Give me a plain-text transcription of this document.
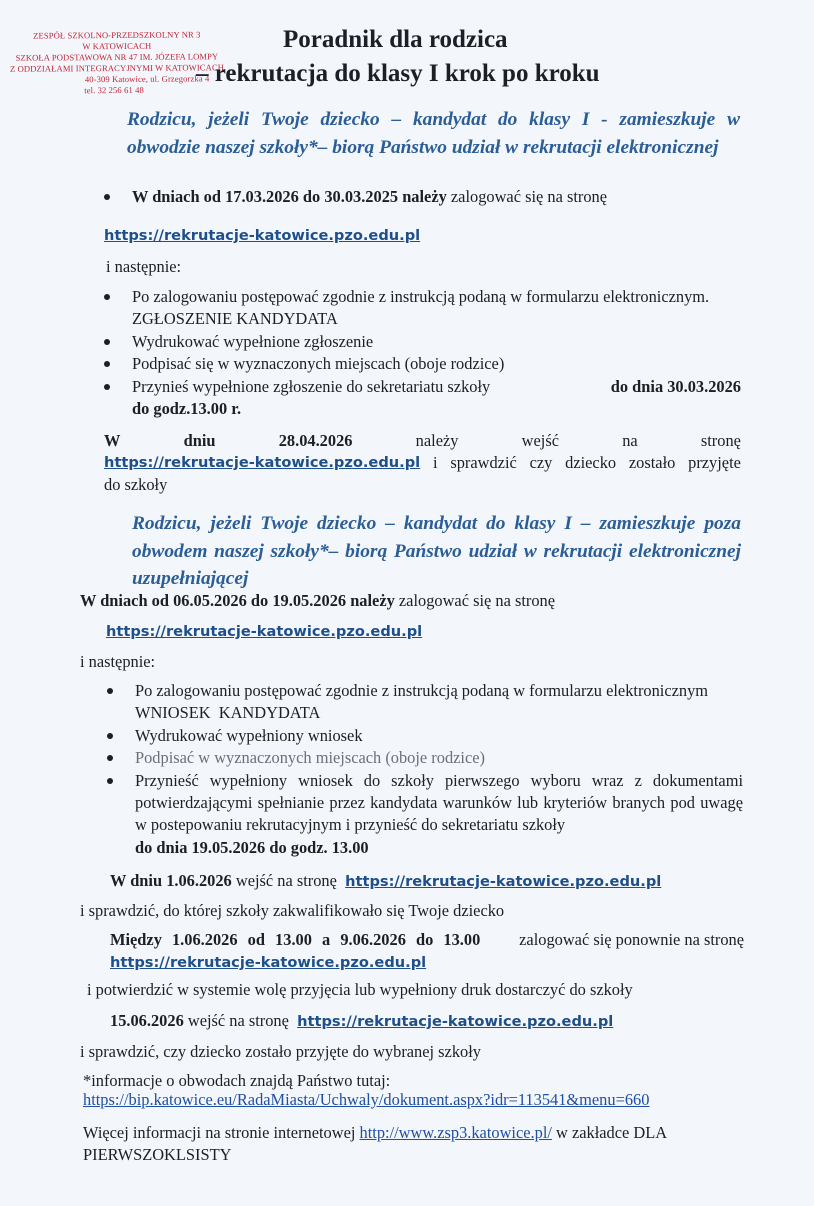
ZESPÓŁ SZKOLNO-PRZEDSZKOLNY NR 3
W KATOWICACH
SZKOŁA PODSTAWOWA NR 47 IM. JÓZEFA LOMPY
Z ODDZIAŁAMI INTEGRACYJNYMI W KATOWICACH
40-309 Katowice, ul. Grzegorzka 4
tel. 32 256 61 48
Poradnik dla rodzica
– rekrutacja do klasy I krok po kroku
Rodzicu, jeżeli Twoje dziecko – kandydat do klasy I - zamieszkuje w obwodzie naszej szkoły*– biorą Państwo udział w rekrutacji elektronicznej
W dniach od 17.03.2026 do 30.03.2025 należy zalogować się na stronę
https://rekrutacje-katowice.pzo.edu.pl
i następnie:
Po zalogowaniu postępować zgodnie z instrukcją podaną w formularzu elektronicznym.
ZGŁOSZENIE KANDYDATA
Wydrukować wypełnione zgłoszenie
Podpisać się w wyznaczonych miejscach (oboje rodzice)
Przynieś wypełnione zgłoszenie do sekretariatu szkoły	do dnia 30.03.2026
do godz.13.00 r.
W	dniu	28.04.2026	należy	wejść	na	stronę
https://rekrutacje-katowice.pzo.edu.pl i sprawdzić czy dziecko zostało przyjęte
do szkoły
Rodzicu, jeżeli Twoje dziecko – kandydat do klasy I – zamieszkuje poza obwodem naszej szkoły*– biorą Państwo udział w rekrutacji elektronicznej uzupełniającej
W dniach od 06.05.2026 do 19.05.2026 należy zalogować się na stronę
https://rekrutacje-katowice.pzo.edu.pl
i następnie:
Po zalogowaniu postępować zgodnie z instrukcją podaną w formularzu elektronicznym
WNIOSEK  KANDYDATA
Wydrukować wypełniony wniosek
Podpisać w wyznaczonych miejscach (oboje rodzice)
Przynieść wypełniony wniosek do szkoły pierwszego wyboru wraz z dokumentami potwierdzającymi spełnianie przez kandydata warunków lub kryteriów branych pod uwagę w postepowaniu rekrutacyjnym i przynieść do sekretariatu szkoły
do dnia 19.05.2026 do godz. 13.00
W dniu 1.06.2026 wejść na stronę https://rekrutacje-katowice.pzo.edu.pl
i sprawdzić, do której szkoły zakwalifikowało się Twoje dziecko
Między 1.06.2026 od 13.00 a 9.06.2026 do 13.00 zalogować się ponownie na stronę
https://rekrutacje-katowice.pzo.edu.pl
i potwierdzić w systemie wolę przyjęcia lub wypełniony druk dostarczyć do szkoły
15.06.2026 wejść na stronę https://rekrutacje-katowice.pzo.edu.pl
i sprawdzić, czy dziecko zostało przyjęte do wybranej szkoły
*informacje o obwodach znajdą Państwo tutaj:
https://bip.katowice.eu/RadaMiasta/Uchwaly/dokument.aspx?idr=113541&menu=660
Więcej informacji na stronie internetowej http://www.zsp3.katowice.pl/ w zakładce DLA PIERWSZOKLSISTY
